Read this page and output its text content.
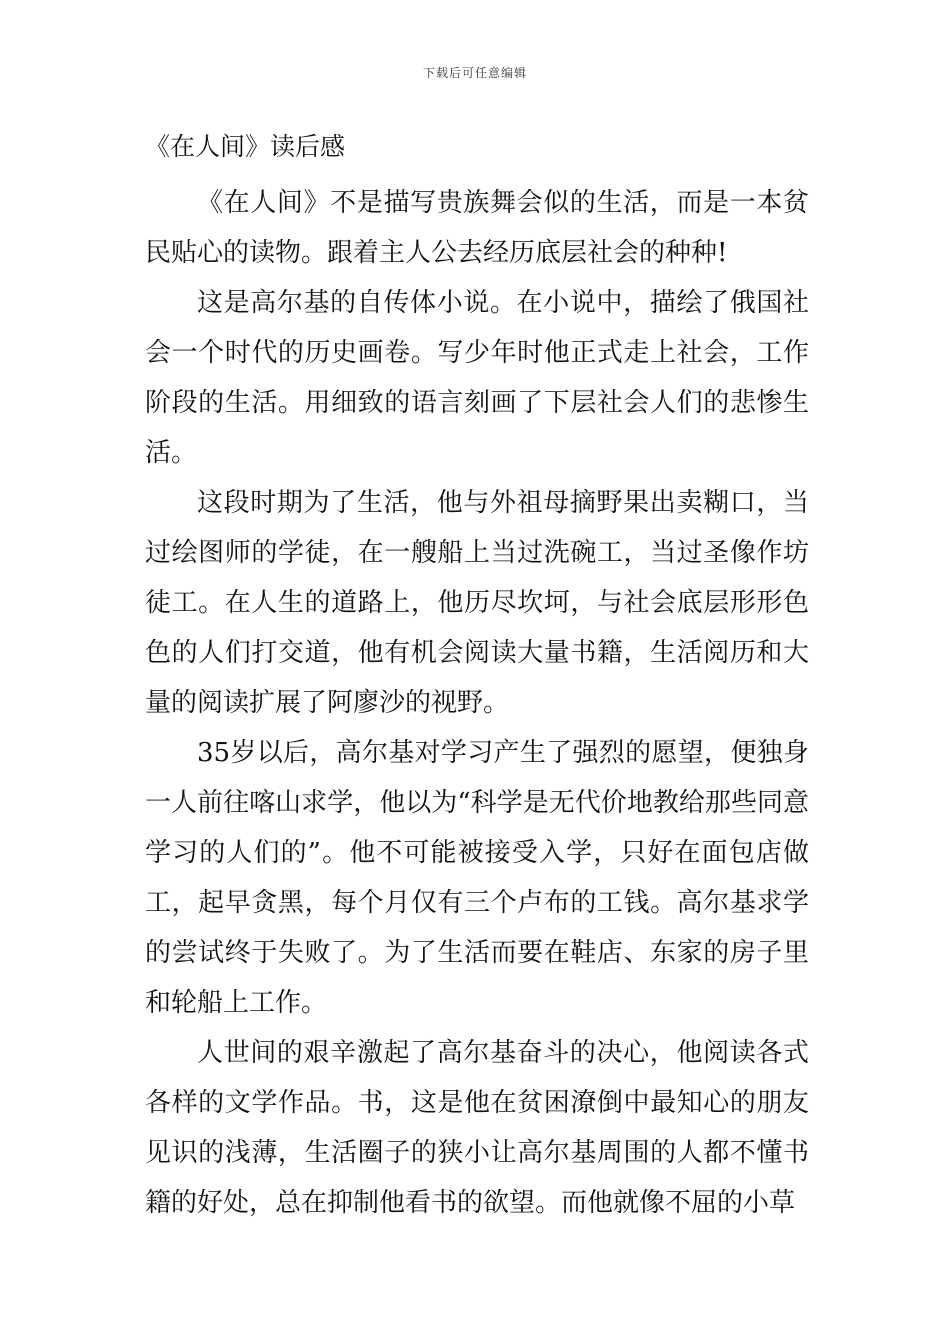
下载后可任意编辑
《在人间》读后感

《在人间》不是描写贵族舞会似的生活，而是一本贫民贴心的读物。跟着主人公去经历底层社会的种种!

这是高尔基的自传体小说。在小说中，描绘了俄国社会一个时代的历史画卷。写少年时他正式走上社会，工作阶段的生活。用细致的语言刻画了下层社会人们的悲惨生活。

这段时期为了生活，他与外祖母摘野果出卖糊口，当过绘图师的学徒，在一艘船上当过洗碗工，当过圣像作坊徒工。在人生的道路上，他历尽坎坷，与社会底层形形色色的人们打交道，他有机会阅读大量书籍，生活阅历和大量的阅读扩展了阿廖沙的视野。

35岁以后，高尔基对学习产生了强烈的愿望，便独身一人前往喀山求学，他以为“科学是无代价地教给那些同意学习的人们的”。他不可能被接受入学，只好在面包店做工，起早贪黑，每个月仅有三个卢布的工钱。高尔基求学的尝试终于失败了。为了生活而要在鞋店、东家的房子里和轮船上工作。

人世间的艰辛激起了高尔基奋斗的决心，他阅读各式各样的文学作品。书，这是他在贫困潦倒中最知心的朋友见识的浅薄，生活圈子的狭小让高尔基周围的人都不懂书籍的好处，总在抑制他看书的欲望。而他就像不屈的小草
